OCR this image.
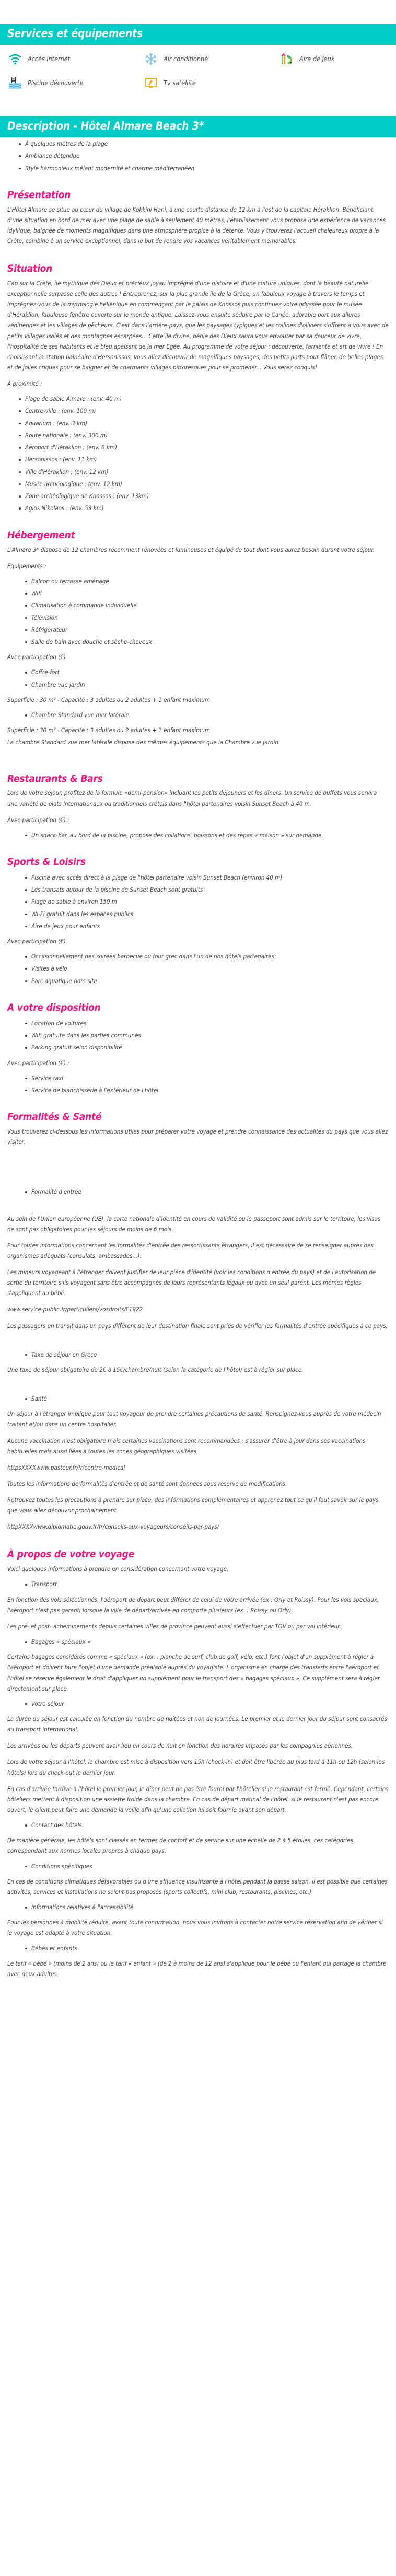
Services et équipements
Accès internet	Air conditionné	Aire de jeux
Piscine découverte	Tv satellite
Description - Hôtel Almare Beach 3*
À quelques mètres de la plage
Ambiance détendue
Style harmonieux mélant modernité et charme méditerranéen
Présentation

L'Hôtel Almare se situe au cœur du village de Kokkini Hani, à une courte distance de 12 km à l'est de la capitale Héraklion. Bénéficiant d'une situation en bord de mer avec une plage de sable à seulement 40 mètres, l'établissement vous propose une expérience de vacances idyllique, baignée de moments magnifiques dans une atmosphère propice à la détente. Vous y trouverez l'accueil chaleureux propre à la Crète, combiné à un service exceptionnel, dans le but de rendre vos vacances véritablement mémorables.

Situation

Cap sur la Crète, île mythique des Dieux et précieux joyau imprégné d'une histoire et d'une culture uniques, dont la beauté naturelle exceptionnelle surpasse celle des autres ! Entreprenez, sur la plus grande île de la Grèce, un fabuleux voyage à travers le temps et imprégnez-vous de la mythologie hellénique en commençant par le palais de Knossos puis continuez votre odyssée pour le musée d'Héraklion, fabuleuse fenêtre ouverte sur le monde antique. Laissez-vous ensuite séduire par la Canée, adorable port aux allures vénitiennes et les villages de pêcheurs. C'est dans l'arrière-pays, que les paysages typiques et les collines d'oliviers s'offrent à vous avec de petits villages isolés et des montagnes escarpées... Cette île divine, bénie des Dieux saura vous envouter par sa douceur de vivre, l'hospitalité de ses habitants et le bleu apaisant de la mer Egée. Au programme de votre séjour : découverte, farniente et art de vivre ! En choisissant la station balnéaire d'Hersonissos, vous allez découvrir de magnifiques paysages, des petits ports pour flâner, de belles plages et de jolies criques pour se baigner et de charmants villages pittoresques pour se promener... Vous serez conquis!

À proximité :

Plage de sable Almare : (env. 40 m)
Centre-ville : (env. 100 m)
Aquarium : (env. 3 km)
Route nationale : (env. 300 m)
Aéroport d'Héraklion : (env. 8 km)
Hersonissos : (env. 11 km)
Ville d'Héraklion : (env. 12 km)
Musée archéologique : (env. 12 km)
Zone archéologique de Knossos : (env. 13km)
Agios Nikolaos : (env. 53 km)
Hébergement

L'Almare 3* dispose de 12 chambres récemment rénovées et lumineuses et équipé de tout dont vous aurez besoin durant votre séjour.

Equipements :

Balcon ou terrasse aménagé
Wifi
Climatisation à commande individuelle
Télévision
Réfrigérateur
Salle de bain avec douche et sèche-cheveux

Avec participation (€)

Coffre-fort
Chambre vue jardin

Superficie : 30 m² - Capacité : 3 adultes ou 2 adultes + 1 enfant maximum

Chambre Standard vue mer latérale

Superficie : 30 m² - Capacité : 3 adultes ou 2 adultes + 1 enfant maximum

La chambre Standard vue mer latérale dispose des mêmes équipements que la Chambre vue jardin.

Restaurants & Bars

Lors de votre séjour, profitez de la formule «demi-pension» incluant les petits déjeuners et les dîners. Un service de buffets vous servira une variété de plats internationaux ou traditionnels crétois dans l'hôtel partenaires voisin Sunset Beach à 40 m.

Avec participation (€) :

Un snack-bar, au bord de la piscine, propose des collations, boissons et des repas « maison » sur demande.
Sports & Loisirs
Piscine avec accès direct à la plage de l'hôtel partenaire voisin Sunset Beach (environ 40 m)
Les transats autour de la piscine de Sunset Beach sont gratuits
Plage de sable à environ 150 m
Wi-Fi gratuit dans les espaces publics
Aire de jeux pour enfants

Avec participation (€)

Occasionnellement des soirées barbecue ou four grec dans l'un de nos hôtels partenaires
Visites à vélo
Parc aquatique hors site
A votre disposition
Location de voitures
Wifi gratuite dans les parties communes
Parking gratuit selon disponibilité

Avec participation (€) :

Service taxi
Service de blanchisserie à l'extérieur de l'hôtel
Formalités & Santé

Vous trouverez ci-dessous les informations utiles pour préparer votre voyage et prendre connaissance des actualités du pays que vous allez visiter.

Formalité d'entrée

Au sein de l'Union européenne (UE), la carte nationale d'identité en cours de validité ou le passeport sont admis sur le territoire, les visas ne sont pas obligatoires pour les séjours de moins de 6 mois.

Pour toutes informations concernant les formalités d'entrée des ressortissants étrangers, il est nécessaire de se renseigner auprès des organismes adéquats (consulats, ambassades...).

Les mineurs voyageant à l'étranger doivent justifier de leur pièce d'identité (voir les conditions d'entrée du pays) et de l'autorisation de sortie du territoire s'ils voyagent sans être accompagnés de leurs représentants légaux ou avec un seul parent. Les mêmes règles s'appliquent au bébé.

www.service-public.fr/particuliers/vosdroits/F1922

Les passagers en transit dans un pays différent de leur destination finale sont priés de vérifier les formalités d'entrée spécifiques à ce pays.

Taxe de séjour en Grèce

Une taxe de séjour obligatoire de 2€ à 15€/chambre/nuit (selon la catégorie de l'hôtel) est à régler sur place.

Santé

Un séjour à l'étranger implique pour tout voyageur de prendre certaines précautions de santé. Renseignez-vous auprès de votre médecin traitant et/ou dans un centre hospitalier.

Aucune vaccination n'est obligatoire mais certaines vaccinations sont recommandées ; s'assurer d'être à jour dans ses vaccinations habituelles mais aussi liées à toutes les zones géographiques visitées.

httpsXXXXwww.pasteur.fr/fr/centre-medical

Toutes les informations de formalités d'entrée et de santé sont données sous réserve de modifications.

Retrouvez toutes les précautions à prendre sur place, des informations complémentaires et apprenez tout ce qu'il faut savoir sur le pays que vous allez découvrir prochainement.

httpXXXXwww.diplomatie.gouv.fr/fr/conseils-aux-voyageurs/conseils-par-pays/

À propos de votre voyage

Voici quelques informations à prendre en considération concernant votre voyage.

Transport

En fonction des vols sélectionnés, l'aéroport de départ peut différer de celui de votre arrivée (ex : Orly et Roissy). Pour les vols spéciaux, l'aéroport n'est pas garanti lorsque la ville de départ/arrivée en comporte plusieurs (ex. : Roissy ou Orly).

Les pré- et post- acheminements depuis certaines villes de province peuvent aussi s'effectuer par TGV ou par vol intérieur.

Bagages « spéciaux »

Certains bagages considérés comme « spéciaux » (ex. : planche de surf, club de golf, vélo, etc.) font l'objet d'un supplément à régler à l'aéroport et doivent faire l'objet d'une demande préalable auprès du voyagiste. L'organisme en charge des transferts entre l'aéroport et l'hôtel se réserve également le droit d'appliquer un supplément pour le transport des « bagages spéciaux ». Ce supplément sera à régler directement sur place.

Votre séjour

La durée du séjour est calculée en fonction du nombre de nuitées et non de journées. Le premier et le dernier jour du séjour sont consacrés au transport international.

Les arrivées ou les départs peuvent avoir lieu en cours de nuit en fonction des horaires imposés par les compagnies aériennes.

Lors de votre séjour à l'hôtel, la chambre est mise à disposition vers 15h (check-in) et doit être libérée au plus tard à 11h ou 12h (selon les hôtels) lors du check-out le dernier jour.

En cas d'arrivée tardive à l'hôtel le premier jour, le dîner peut ne pas être fourni par l'hôtelier si le restaurant est fermé. Cependant, certains hôteliers mettent à disposition une assiette froide dans la chambre. En cas de départ matinal de l'hôtel, si le restaurant n'est pas encore ouvert, le client peut faire une demande la veille afin qu'une collation lui soit fournie avant son départ.

Contact des hôtels

De manière générale, les hôtels sont classés en termes de confort et de service sur une échelle de 2 à 5 étoiles, ces catégories correspondant aux normes locales propres à chaque pays.

Conditions spécifiques

En cas de conditions climatiques défavorables ou d'une affluence insuffisante à l'hôtel pendant la basse saison, il est possible que certaines activités, services et installations ne soient pas proposés (sports collectifs, mini club, restaurants, piscines, etc.).

Informations relatives à l'accessibilité

Pour les personnes à mobilité réduite, avant toute confirmation, nous vous invitons à contacter notre service réservation afin de vérifier si le voyage est adapté à votre situation.

Bébés et enfants

Le tarif « bébé » (moins de 2 ans) ou le tarif « enfant » (de 2 à moins de 12 ans) s'applique pour le bébé ou l'enfant qui partage la chambre avec deux adultes.
